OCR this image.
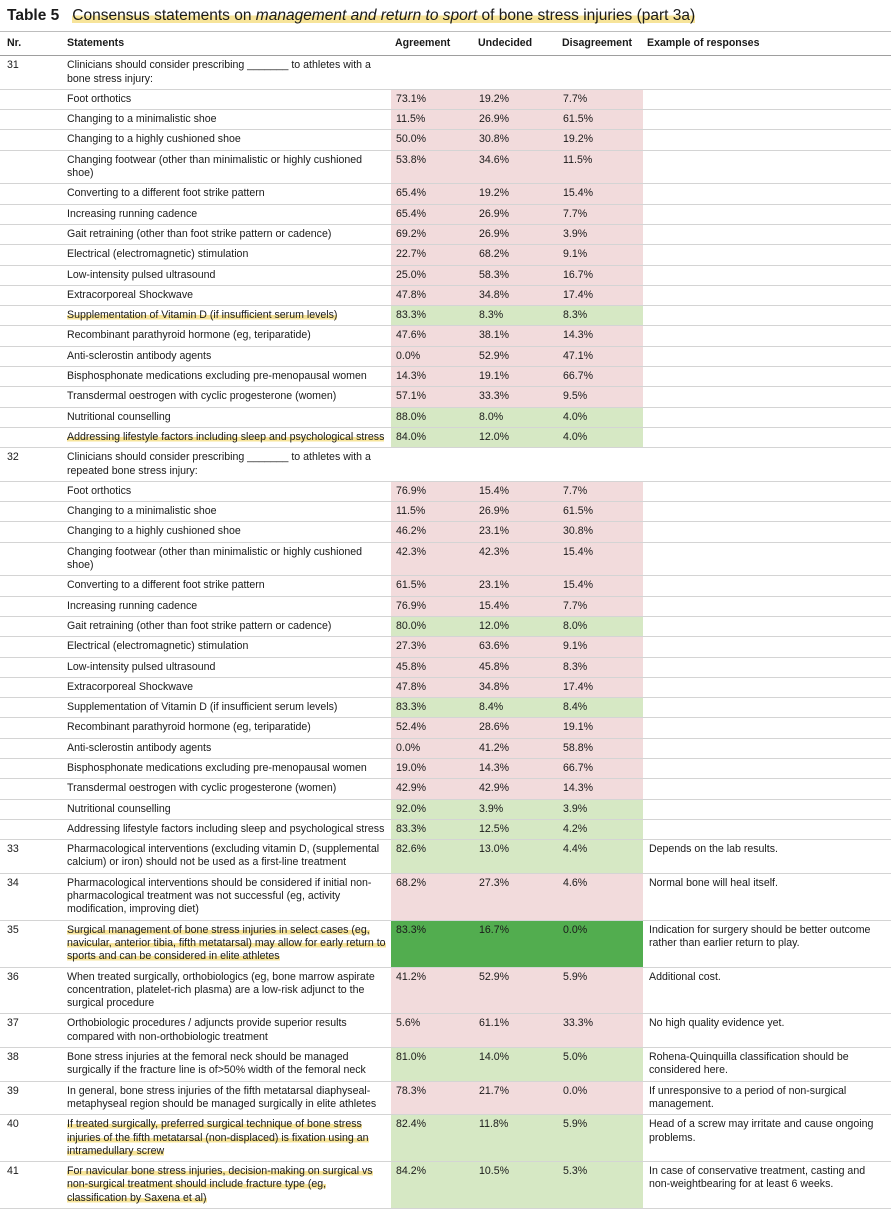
Table 5 Consensus statements on management and return to sport of bone stress injuries (part 3a)
Nr.	Statements	Agreement	Undecided	Disagreement	Example of responses
31	Clinicians should consider prescribing _______ to athletes with a bone stress injury:				
	Foot orthotics	73.1%	19.2%	7.7%	
	Changing to a minimalistic shoe	11.5%	26.9%	61.5%	
	Changing to a highly cushioned shoe	50.0%	30.8%	19.2%	
	Changing footwear (other than minimalistic or highly cushioned shoe)	53.8%	34.6%	11.5%	
	Converting to a different foot strike pattern	65.4%	19.2%	15.4%	
	Increasing running cadence	65.4%	26.9%	7.7%	
	Gait retraining (other than foot strike pattern or cadence)	69.2%	26.9%	3.9%	
	Electrical (electromagnetic) stimulation	22.7%	68.2%	9.1%	
	Low-intensity pulsed ultrasound	25.0%	58.3%	16.7%	
	Extracorporeal Shockwave	47.8%	34.8%	17.4%	
	Supplementation of Vitamin D (if insufficient serum levels)	83.3%	8.3%	8.3%	
	Recombinant parathyroid hormone (eg, teriparatide)	47.6%	38.1%	14.3%	
	Anti-sclerostin antibody agents	0.0%	52.9%	47.1%	
	Bisphosphonate medications excluding pre-menopausal women	14.3%	19.1%	66.7%	
	Transdermal oestrogen with cyclic progesterone (women)	57.1%	33.3%	9.5%	
	Nutritional counselling	88.0%	8.0%	4.0%	
	Addressing lifestyle factors including sleep and psychological stress	84.0%	12.0%	4.0%	
32	Clinicians should consider prescribing _______ to athletes with a repeated bone stress injury:				
	Foot orthotics	76.9%	15.4%	7.7%	
	Changing to a minimalistic shoe	11.5%	26.9%	61.5%	
	Changing to a highly cushioned shoe	46.2%	23.1%	30.8%	
	Changing footwear (other than minimalistic or highly cushioned shoe)	42.3%	42.3%	15.4%	
	Converting to a different foot strike pattern	61.5%	23.1%	15.4%	
	Increasing running cadence	76.9%	15.4%	7.7%	
	Gait retraining (other than foot strike pattern or cadence)	80.0%	12.0%	8.0%	
	Electrical (electromagnetic) stimulation	27.3%	63.6%	9.1%	
	Low-intensity pulsed ultrasound	45.8%	45.8%	8.3%	
	Extracorporeal Shockwave	47.8%	34.8%	17.4%	
	Supplementation of Vitamin D (if insufficient serum levels)	83.3%	8.4%	8.4%	
	Recombinant parathyroid hormone (eg, teriparatide)	52.4%	28.6%	19.1%	
	Anti-sclerostin antibody agents	0.0%	41.2%	58.8%	
	Bisphosphonate medications excluding pre-menopausal women	19.0%	14.3%	66.7%	
	Transdermal oestrogen with cyclic progesterone (women)	42.9%	42.9%	14.3%	
	Nutritional counselling	92.0%	3.9%	3.9%	
	Addressing lifestyle factors including sleep and psychological stress	83.3%	12.5%	4.2%	
33	Pharmacological interventions (excluding vitamin D, (supplemental calcium) or iron) should not be used as a first-line treatment	82.6%	13.0%	4.4%	Depends on the lab results.
34	Pharmacological interventions should be considered if initial non-pharmacological treatment was not successful (eg, activity modification, improving diet)	68.2%	27.3%	4.6%	Normal bone will heal itself.
35	Surgical management of bone stress injuries in select cases (eg, navicular, anterior tibia, fifth metatarsal) may allow for early return to sports and can be considered in elite athletes	83.3%	16.7%	0.0%	Indication for surgery should be better outcome rather than earlier return to play.
36	When treated surgically, orthobiologics (eg, bone marrow aspirate concentration, platelet-rich plasma) are a low-risk adjunct to the surgical procedure	41.2%	52.9%	5.9%	Additional cost.
37	Orthobiologic procedures / adjuncts provide superior results compared with non-orthobiologic treatment	5.6%	61.1%	33.3%	No high quality evidence yet.
38	Bone stress injuries at the femoral neck should be managed surgically if the fracture line is of>50% width of the femoral neck	81.0%	14.0%	5.0%	Rohena-Quinquilla classification should be considered here.
39	In general, bone stress injuries of the fifth metatarsal diaphyseal-metaphyseal region should be managed surgically in elite athletes	78.3%	21.7%	0.0%	If unresponsive to a period of non-surgical management.
40	If treated surgically, preferred surgical technique of bone stress injuries of the fifth metatarsal (non-displaced) is fixation using an intramedullary screw	82.4%	11.8%	5.9%	Head of a screw may irritate and cause ongoing problems.
41	For navicular bone stress injuries, decision-making on surgical vs non-surgical treatment should include fracture type (eg, classification by Saxena et al)	84.2%	10.5%	5.3%	In case of conservative treatment, casting and non-weightbearing for at least 6 weeks.
